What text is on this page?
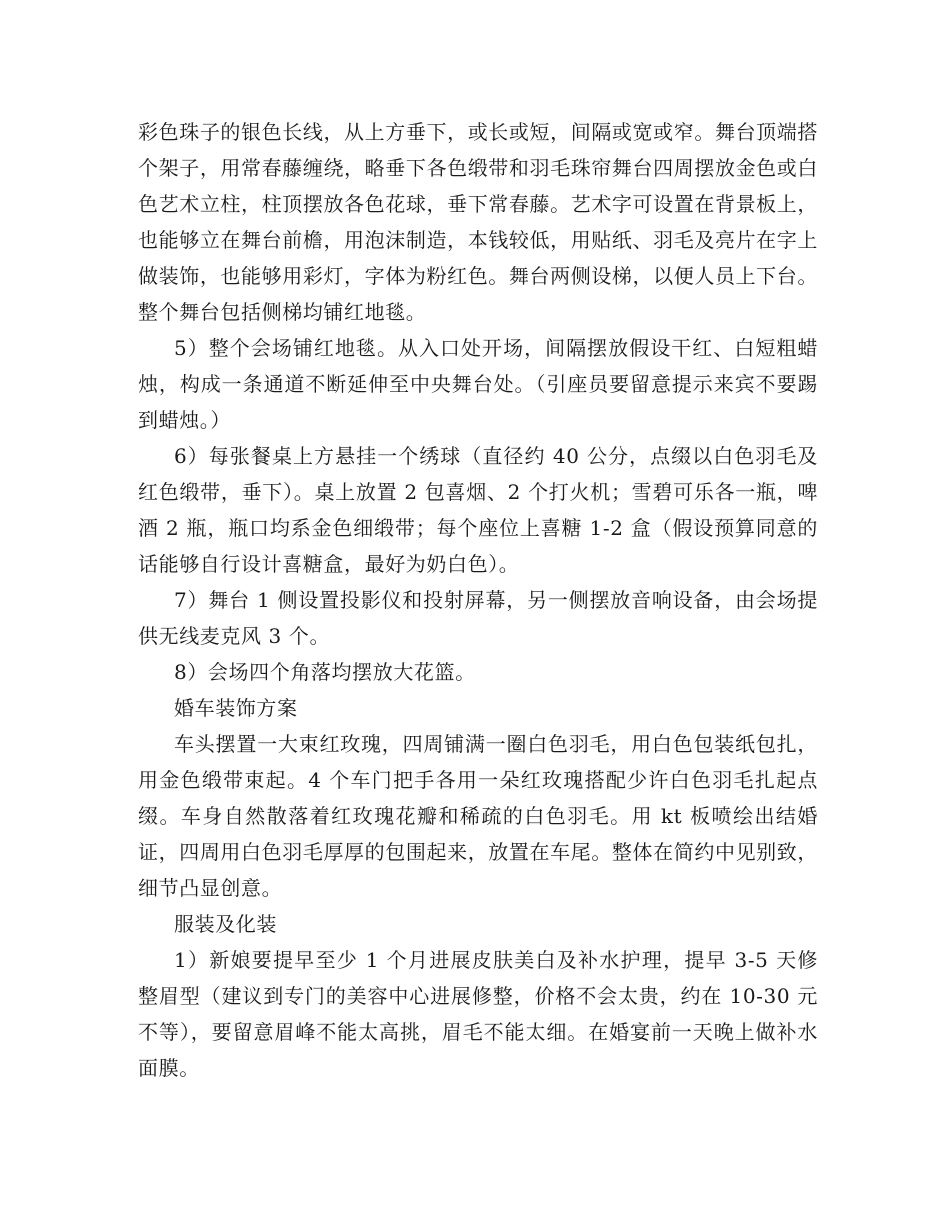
彩色珠子的银色长线，从上方垂下，或长或短，间隔或宽或窄。舞台顶端搭个架子，用常春藤缠绕，略垂下各色缎带和羽毛珠帘舞台四周摆放金色或白色艺术立柱，柱顶摆放各色花球，垂下常春藤。艺术字可设置在背景板上，也能够立在舞台前檐，用泡沫制造，本钱较低，用贴纸、羽毛及亮片在字上做装饰，也能够用彩灯，字体为粉红色。舞台两侧设梯，以便人员上下台。整个舞台包括侧梯均铺红地毯。

5）整个会场铺红地毯。从入口处开场，间隔摆放假设干红、白短粗蜡烛，构成一条通道不断延伸至中央舞台处。（引座员要留意提示来宾不要踢到蜡烛。）

6）每张餐桌上方悬挂一个绣球（直径约 40 公分，点缀以白色羽毛及红色缎带，垂下）。桌上放置 2 包喜烟、2 个打火机；雪碧可乐各一瓶，啤酒 2 瓶，瓶口均系金色细缎带；每个座位上喜糖 1-2 盒（假设预算同意的话能够自行设计喜糖盒，最好为奶白色）。

7）舞台 1 侧设置投影仪和投射屏幕，另一侧摆放音响设备，由会场提供无线麦克风 3 个。

8）会场四个角落均摆放大花篮。

婚车装饰方案

车头摆置一大束红玫瑰，四周铺满一圈白色羽毛，用白色包装纸包扎，用金色缎带束起。4 个车门把手各用一朵红玫瑰搭配少许白色羽毛扎起点缀。车身自然散落着红玫瑰花瓣和稀疏的白色羽毛。用 kt 板喷绘出结婚证，四周用白色羽毛厚厚的包围起来，放置在车尾。整体在简约中见别致，细节凸显创意。

服装及化装

1）新娘要提早至少 1 个月进展皮肤美白及补水护理，提早 3-5 天修整眉型（建议到专门的美容中心进展修整，价格不会太贵，约在 10-30 元不等），要留意眉峰不能太高挑，眉毛不能太细。在婚宴前一天晚上做补水面膜。
